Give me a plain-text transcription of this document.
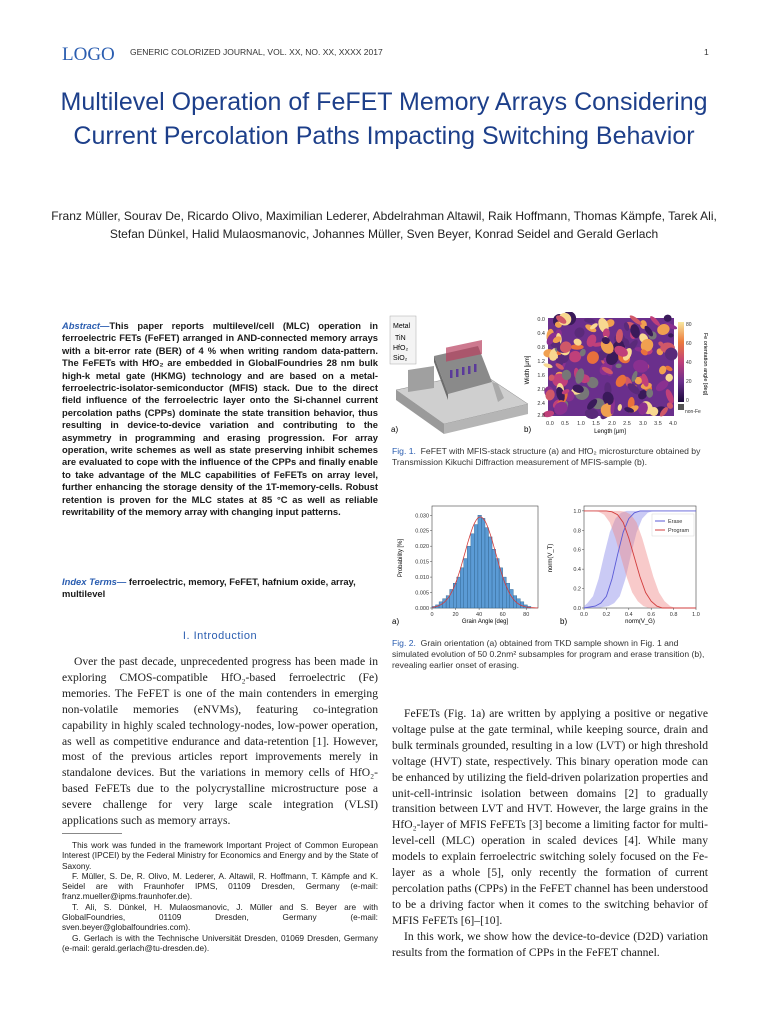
LOGO GENERIC COLORIZED JOURNAL, VOL. XX, NO. XX, XXXX 2017	1
Multilevel Operation of FeFET Memory Arrays Considering Current Percolation Paths Impacting Switching Behavior
Franz Müller, Sourav De, Ricardo Olivo, Maximilian Lederer, Abdelrahman Altawil, Raik Hoffmann, Thomas Kämpfe, Tarek Ali, Stefan Dünkel, Halid Mulaosmanovic, Johannes Müller, Sven Beyer, Konrad Seidel and Gerald Gerlach
Abstract—This paper reports multilevel/cell (MLC) operation in ferroelectric FETs (FeFET) arranged in AND-connected memory arrays with a bit-error rate (BER) of 4 % when writing random data-pattern. The FeFETs with HfO₂ are embedded in GlobalFoundries 28 nm bulk high-k metal gate (HKMG) technology and are based on a metal-ferroelectric-isolator-semiconductor (MFIS) stack. Due to the direct field influence of the ferroelectric layer onto the Si-channel current percolation paths (CPPs) dominate the state transition behavior, thus resulting in device-to-device variation and contributing to the asymmetry in programming and erasing progression. For array operation, write schemes as well as state preserving inhibit schemes are evaluated to cope with the influence of the CPPs and finally enable to take advantage of the MLC capabilities of FeFETs on array level, further enhancing the storage density of the 1T-memory-cells. Robust retention is proven for the MLC states at 85 °C as well as reliable rewritability of the memory array with changing input patterns.
Index Terms— ferroelectric, memory, FeFET, hafnium oxide, array, multilevel
I. Introduction
Over the past decade, unprecedented progress has been made in exploring CMOS-compatible HfO₂-based ferroelectric (Fe) memories. The FeFET is one of the main contenders in emerging non-volatile memories (eNVMs), featuring co-integration capability in highly scaled technology-nodes, low-power operation, as well as competitive endurance and data-retention [1]. However, most of the previous articles report improvements merely in standalone devices. But the variations in memory cells of HfO₂-based FeFETs due to the polycrystalline microstructure pose a severe challenge for very large scale integration (VLSI) applications such as memory arrays.

This work was funded in the framework Important Project of Common European Interest (IPCEI) by the Federal Ministry for Economics and Energy and by the State of Saxony.

F. Müller, S. De, R. Olivo, M. Lederer, A. Altawil, R. Hoffmann, T. Kämpfe and K. Seidel are with Fraunhofer IPMS, 01109 Dresden, Germany (e-mail: franz.mueller@ipms.fraunhofer.de).

T. Ali, S. Dünkel, H. Mulaosmanovic, J. Müller and S. Beyer are with GlobalFoundries, 01109 Dresden, Germany (e-mail: sven.beyer@globalfoundries.com).

G. Gerlach is with the Technische Universität Dresden, 01069 Dresden, Germany (e-mail: gerald.gerlach@tu-dresden.de).

Metal
TiN
HfO₂
SiO₂
a)
0.0
0.4
0.8
1.2
1.6
2.0
2.4
2.8
Width [μm]
0.0 0.5 1.0 1.5 2.0 2.5 3.0 3.5 4.0
Length [μm]
b)
80
60
40
20
0
non-Fe
Fe orientation angle [deg]
Fig. 1. FeFET with MFIS-stack structure (a) and HfO₂ microsturcture obtained by Transmission Kikuchi Diffraction measurement of MFIS-sample (b).
0.000
0.005
0.010
0.015
0.020
0.025
0.030
0	20	40	60	80
Probability [%]
Grain Angle [deg]
a)
0.0
0.2
0.4
0.6
0.8
1.0
0.0	0.2	0.4	0.6	0.8	1.0
Erase
Program
norm(V_T)
norm(V_G)
b)
Fig. 2. Grain orientation (a) obtained from TKD sample shown in Fig. 1 and simulated evolution of 50 0.2nm² subsamples for program and erase transition (b), revealing earlier onset of erasing.

FeFETs (Fig. 1a) are written by applying a positive or negative voltage pulse at the gate terminal, while keeping source, drain and bulk terminals grounded, resulting in a low (LVT) or high threshold voltage (HVT) state, respectively. This binary operation mode can be enhanced by utilizing the field-driven polarization properties and unit-cell-intrinsic isolation between domains [2] to gradually transition between LVT and HVT. However, the large grains in the HfO₂-layer of MFIS FeFETs [3] become a limiting factor for multi-level-cell (MLC) operation in scaled devices [4]. While many models to explain ferroelectric switching solely focused on the Fe-layer as a whole [5], only recently the formation of current percolation paths (CPPs) in the FeFET channel has been understood to be a driving factor when it comes to the switching behavior of MFIS FeFETs [6]–[10].

In this work, we show how the device-to-device (D2D) variation results from the formation of CPPs in the FeFET channel.
